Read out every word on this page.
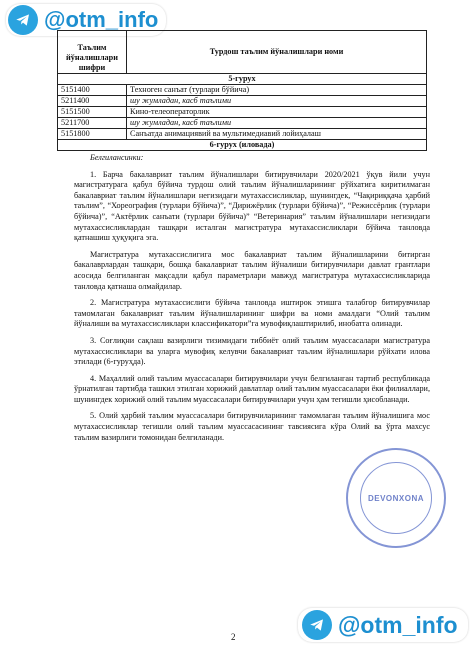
@otm_info
Таълим йўналишлари шифри	Турдош таълим йўналишлари номи
5-гурух	
5151400	Техноген санъат (турлари бўйича)
5211400	шу жумладан, касб таълими
5151500	Кино-телеоператорлик
5211700	шу жумладан, касб таълими
5151800	Санъатда анимациявий ва мультимедиавий лойиҳалаш
6-гурух (иловада)	

Белгилансинки:

1. Барча бакалавриат таълим йўналишлари битирувчилари 2020/2021 ўқув йили учун магистратурага қабул бўйича турдош олий таълим йўналишларининг рўйхатига киритилмаган бакалавриат таълим йўналишлари негизидаги мутахассисликлар, шунингдек, “Чақириққача ҳарбий таълим”, “Хореография (турлари бўйича)”, “Дирижёрлик (турлари бўйича)”, “Режиссёрлик (турлари бўйича)”, “Актёрлик санъати (турлари бўйича)” “Ветеринария” таълим йўналишлари негизидаги мутахассисликлардан ташқари исталган магистратура мутахассисликлари бўйича танловда қатнашиш ҳуқуқига эга.

Магистратура мутахассислигига мос бакалавриат таълим йўналишларини битирган бакалаврлардан ташқари, бошқа бакалавриат таълим йўналиши битирувчилари давлат грантлари асосида белгиланган мақсадли қабул параметрлари мавжуд магистратура мутахассисликларида танловда қатнаша олмайдилар.

2. Магистратура мутахассислиги бўйича танловда иштирок этишга талабгор битирувчилар тамомлаган бакалавриат таълим йўналишларининг шифри ва номи амалдаги “Олий таълим йўналиши ва мутахассисликлари классификатори”га мувофиқлаштирилиб, инобатга олинади.

3. Соғлиқни сақлаш вазирлиги тизимидаги тиббиёт олий таълим муассасалари магистратура мутахассисликлари ва уларга мувофиқ келувчи бакалавриат таълим йўналишлари рўйхати илова этилади (6-гуруҳда).

4. Маҳаллий олий таълим муассасалари битирувчилари учун белгиланган тартиб республикада ўрнатилган тартибда ташкил этилган хорижий давлатлар олий таълим муассасалари ёки филиаллари, шунингдек хорижий олий таълим муассасалари битирувчилари учун ҳам тегишли ҳисобланади.

5. Олий ҳарбий таълим муассасалари битирувчиларининг тамомлаган таълим йўналишига мос мутахассисликлар тегишли олий таълим муассасасининг тавсиясига кўра Олий ва ўрта махсус таълим вазирлиги томонидан белгиланади.

DEVONXONA
2	@otm_info
